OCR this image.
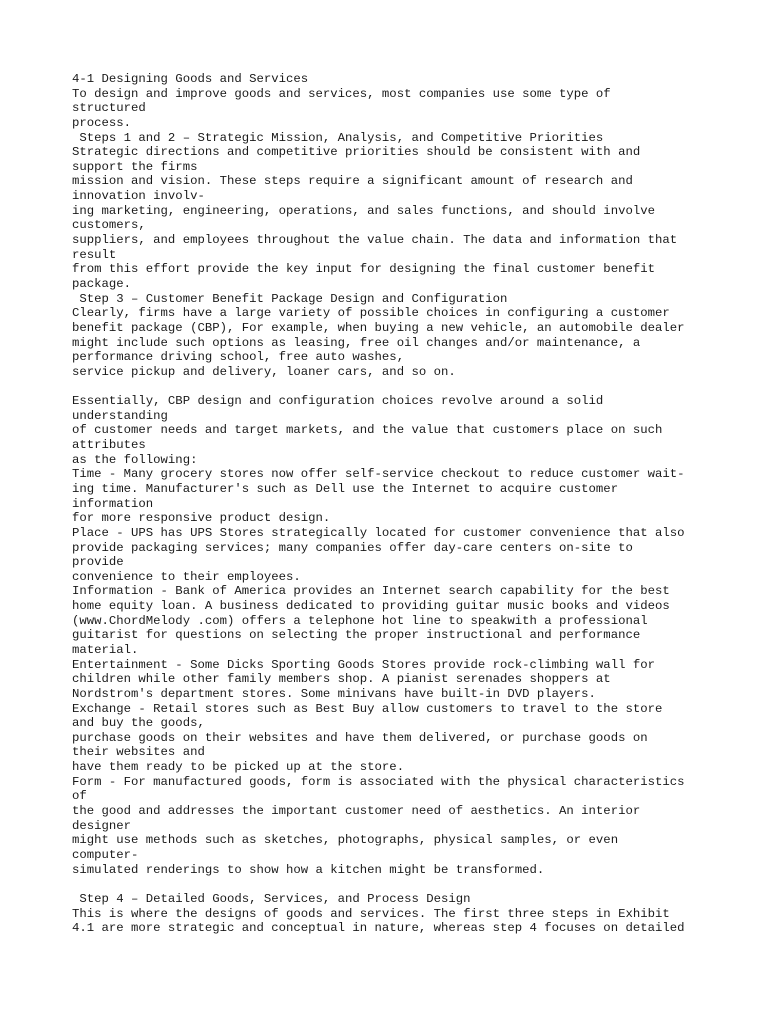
4-1 Designing Goods and Services
To design and improve goods and services, most companies use some type of
structured
process.
Steps 1 and 2 – Strategic Mission, Analysis, and Competitive Priorities
Strategic directions and competitive priorities should be consistent with and
support the firms
mission and vision. These steps require a significant amount of research and
innovation involv-
ing marketing, engineering, operations, and sales functions, and should involve
customers,
suppliers, and employees throughout the value chain. The data and information that
result
from this effort provide the key input for designing the final customer benefit
package.
Step 3 – Customer Benefit Package Design and Configuration
Clearly, firms have a large variety of possible choices in configuring a customer
benefit package (CBP), For example, when buying a new vehicle, an automobile dealer
might include such options as leasing, free oil changes and/or maintenance, a
performance driving school, free auto washes,
service pickup and delivery, loaner cars, and so on.
Essentially, CBP design and configuration choices revolve around a solid
understanding
of customer needs and target markets, and the value that customers place on such
attributes
as the following:
Time - Many grocery stores now offer self-service checkout to reduce customer wait-
ing time. Manufacturer's such as Dell use the Internet to acquire customer
information
for more responsive product design.
Place - UPS has UPS Stores strategically located for customer convenience that also
provide packaging services; many companies offer day-care centers on-site to
provide
convenience to their employees.
Information - Bank of America provides an Internet search capability for the best
home equity loan. A business dedicated to providing guitar music books and videos
(www.ChordMelody .com) offers a telephone hot line to speakwith a professional
guitarist for questions on selecting the proper instructional and performance
material.
Entertainment - Some Dicks Sporting Goods Stores provide rock-climbing wall for
children while other family members shop. A pianist serenades shoppers at
Nordstrom's department stores. Some minivans have built-in DVD players.
Exchange - Retail stores such as Best Buy allow customers to travel to the store
and buy the goods,
purchase goods on their websites and have them delivered, or purchase goods on
their websites and
have them ready to be picked up at the store.
Form - For manufactured goods, form is associated with the physical characteristics
of
the good and addresses the important customer need of aesthetics. An interior
designer
might use methods such as sketches, photographs, physical samples, or even
computer-
simulated renderings to show how a kitchen might be transformed.
Step 4 – Detailed Goods, Services, and Process Design
This is where the designs of goods and services. The first three steps in Exhibit
4.1 are more strategic and conceptual in nature, whereas step 4 focuses on detailed
